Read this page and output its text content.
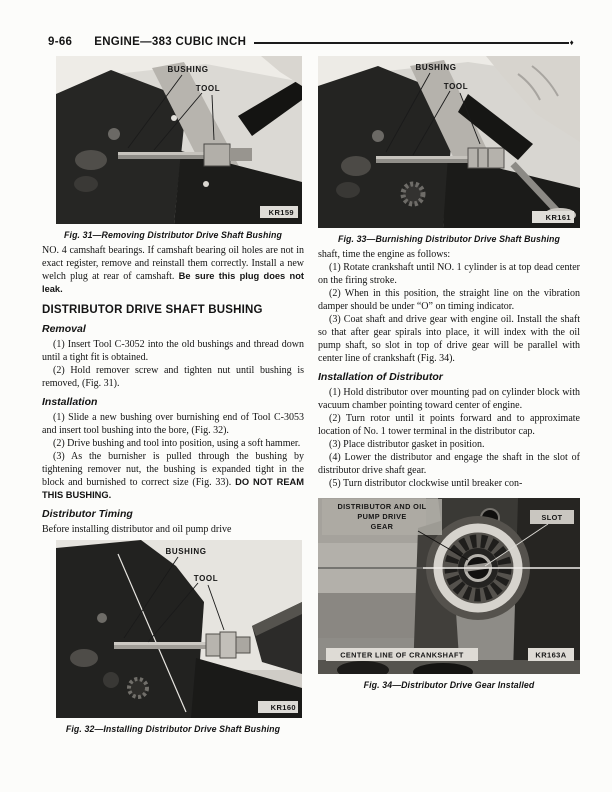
9-66 ENGINE—383 CUBIC INCH	♦
BUSHING
TOOL
KR159
Fig. 31—Removing Distributor Drive Shaft Bushing

NO. 4 camshaft bearings. If camshaft bearing oil holes are not in exact register, remove and reinstall them correctly. Install a new welch plug at rear of camshaft. Be sure this plug does not leak.

DISTRIBUTOR DRIVE SHAFT BUSHING
Removal

(1) Insert Tool C-3052 into the old bushings and thread down until a tight fit is obtained.

(2) Hold remover screw and tighten nut until bushing is removed, (Fig. 31).

Installation

(1) Slide a new bushing over burnishing end of Tool C-3053 and insert tool bushing into the bore, (Fig. 32).

(2) Drive bushing and tool into position, using a soft hammer.

(3) As the burnisher is pulled through the bushing by tightening remover nut, the bushing is expanded tight in the block and burnished to correct size (Fig. 33). DO NOT REAM THIS BUSHING.

Distributor Timing

Before installing distributor and oil pump drive

BUSHING
TOOL
KR160
Fig. 32—Installing Distributor Drive Shaft Bushing
BUSHING
TOOL
KR161
Fig. 33—Burnishing Distributor Drive Shaft Bushing

shaft, time the engine as follows:

(1) Rotate crankshaft until NO. 1 cylinder is at top dead center on the firing stroke.

(2) When in this position, the straight line on the vibration damper should be under “O” on timing indicator.

(3) Coat shaft and drive gear with engine oil. Install the shaft so that after gear spirals into place, it will index with the oil pump shaft, so slot in top of drive gear will be parallel with center line of crankshaft (Fig. 34).

Installation of Distributor

(1) Hold distributor over mounting pad on cylinder block with vacuum chamber pointing toward center of engine.

(2) Turn rotor until it points forward and to approximate location of No. 1 tower terminal in the distributor cap.

(3) Place distributor gasket in position.

(4) Lower the distributor and engage the shaft in the slot of distributor drive shaft gear.

(5) Turn distributor clockwise until breaker con-

DISTRIBUTOR AND OIL
PUMP DRIVE
GEAR
SLOT
CENTER LINE OF CRANKSHAFT	KR163A
Fig. 34—Distributor Drive Gear Installed
